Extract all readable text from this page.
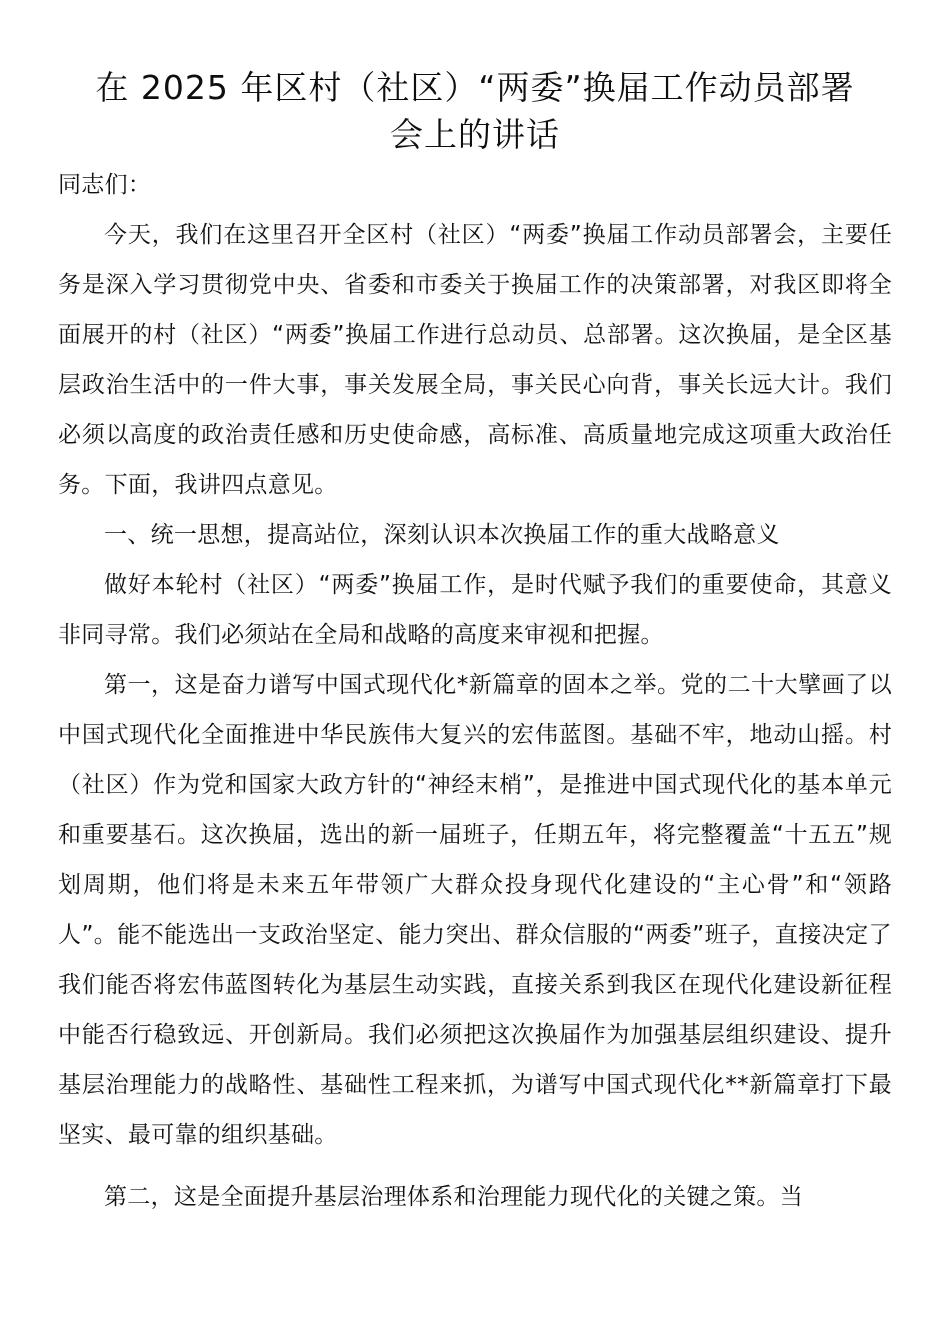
在 2025 年区村（社区）“两委”换届工作动员部署
会上的讲话

同志们：

今天，我们在这里召开全区村（社区）“两委”换届工作动员部署会，主要任务是深入学习贯彻党中央、省委和市委关于换届工作的决策部署，对我区即将全面展开的村（社区）“两委”换届工作进行总动员、总部署。这次换届，是全区基层政治生活中的一件大事，事关发展全局，事关民心向背，事关长远大计。我们必须以高度的政治责任感和历史使命感，高标准、高质量地完成这项重大政治任务。下面，我讲四点意见。

一、统一思想，提高站位，深刻认识本次换届工作的重大战略意义

做好本轮村（社区）“两委”换届工作，是时代赋予我们的重要使命，其意义非同寻常。我们必须站在全局和战略的高度来审视和把握。

第一，这是奋力谱写中国式现代化*新篇章的固本之举。党的二十大擘画了以中国式现代化全面推进中华民族伟大复兴的宏伟蓝图。基础不牢，地动山摇。村（社区）作为党和国家大政方针的“神经末梢”，是推进中国式现代化的基本单元和重要基石。这次换届，选出的新一届班子，任期五年，将完整覆盖“十五五”规划周期，他们将是未来五年带领广大群众投身现代化建设的“主心骨”和“领路人”。能不能选出一支政治坚定、能力突出、群众信服的“两委”班子，直接决定了我们能否将宏伟蓝图转化为基层生动实践，直接关系到我区在现代化建设新征程中能否行稳致远、开创新局。我们必须把这次换届作为加强基层组织建设、提升基层治理能力的战略性、基础性工程来抓，为谱写中国式现代化**新篇章打下最坚实、最可靠的组织基础。

第二，这是全面提升基层治理体系和治理能力现代化的关键之策。当
